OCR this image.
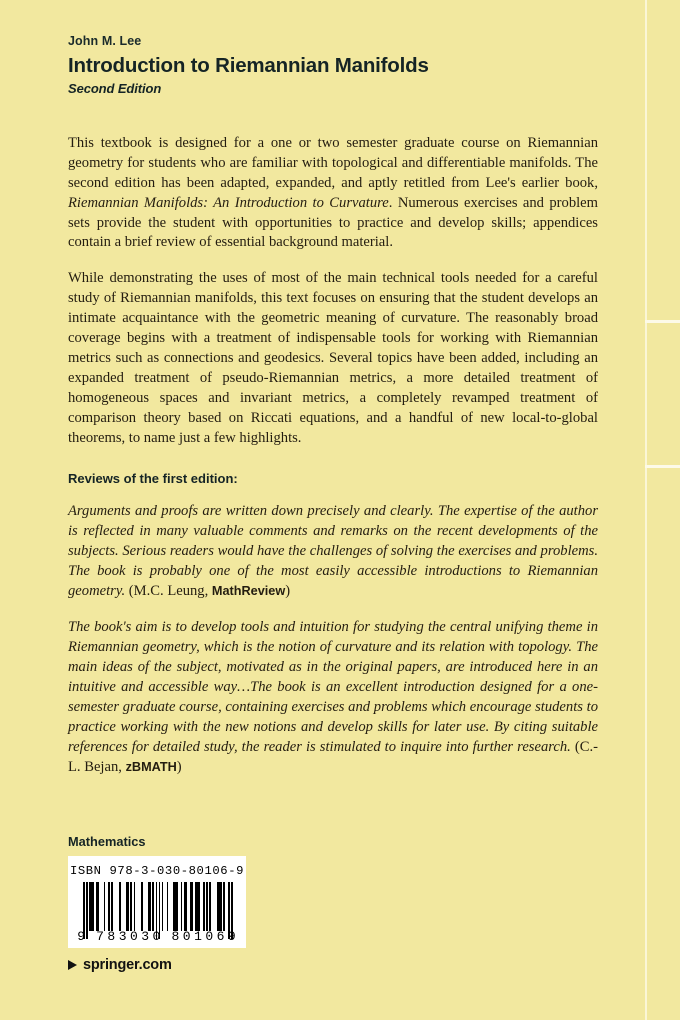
John M. Lee

Introduction to Riemannian Manifolds

Second Edition

This textbook is designed for a one or two semester graduate course on Riemannian geometry for students who are familiar with topological and differentiable manifolds. The second edition has been adapted, expanded, and aptly retitled from Lee's earlier book, Riemannian Manifolds: An Introduction to Curvature. Numerous exercises and problem sets provide the student with opportunities to practice and develop skills; appendices contain a brief review of essential background material.

While demonstrating the uses of most of the main technical tools needed for a careful study of Riemannian manifolds, this text focuses on ensuring that the student develops an intimate acquaintance with the geometric meaning of curvature. The reasonably broad coverage begins with a treatment of indispensable tools for working with Riemannian metrics such as connections and geodesics. Several topics have been added, including an expanded treatment of pseudo-Riemannian metrics, a more detailed treatment of homogeneous spaces and invariant metrics, a completely revamped treatment of comparison theory based on Riccati equations, and a handful of new local-to-global theorems, to name just a few highlights.

Reviews of the first edition:

Arguments and proofs are written down precisely and clearly. The expertise of the author is reflected in many valuable comments and remarks on the recent developments of the subjects. Serious readers would have the challenges of solving the exercises and problems. The book is probably one of the most easily accessible introductions to Riemannian geometry. (M.C. Leung, MathReview)

The book's aim is to develop tools and intuition for studying the central unifying theme in Riemannian geometry, which is the notion of curvature and its relation with topology. The main ideas of the subject, motivated as in the original papers, are introduced here in an intuitive and accessible way…The book is an excellent introduction designed for a one-semester graduate course, containing exercises and problems which encourage students to practice working with the new notions and develop skills for later use. By citing suitable references for detailed study, the reader is stimulated to inquire into further research. (C.-L. Bejan, zBMATH)

Mathematics

ISBN 978-3-030-80106-9
9 7 8 3 0 3 0 8 0 1 0 6 9
springer.com
